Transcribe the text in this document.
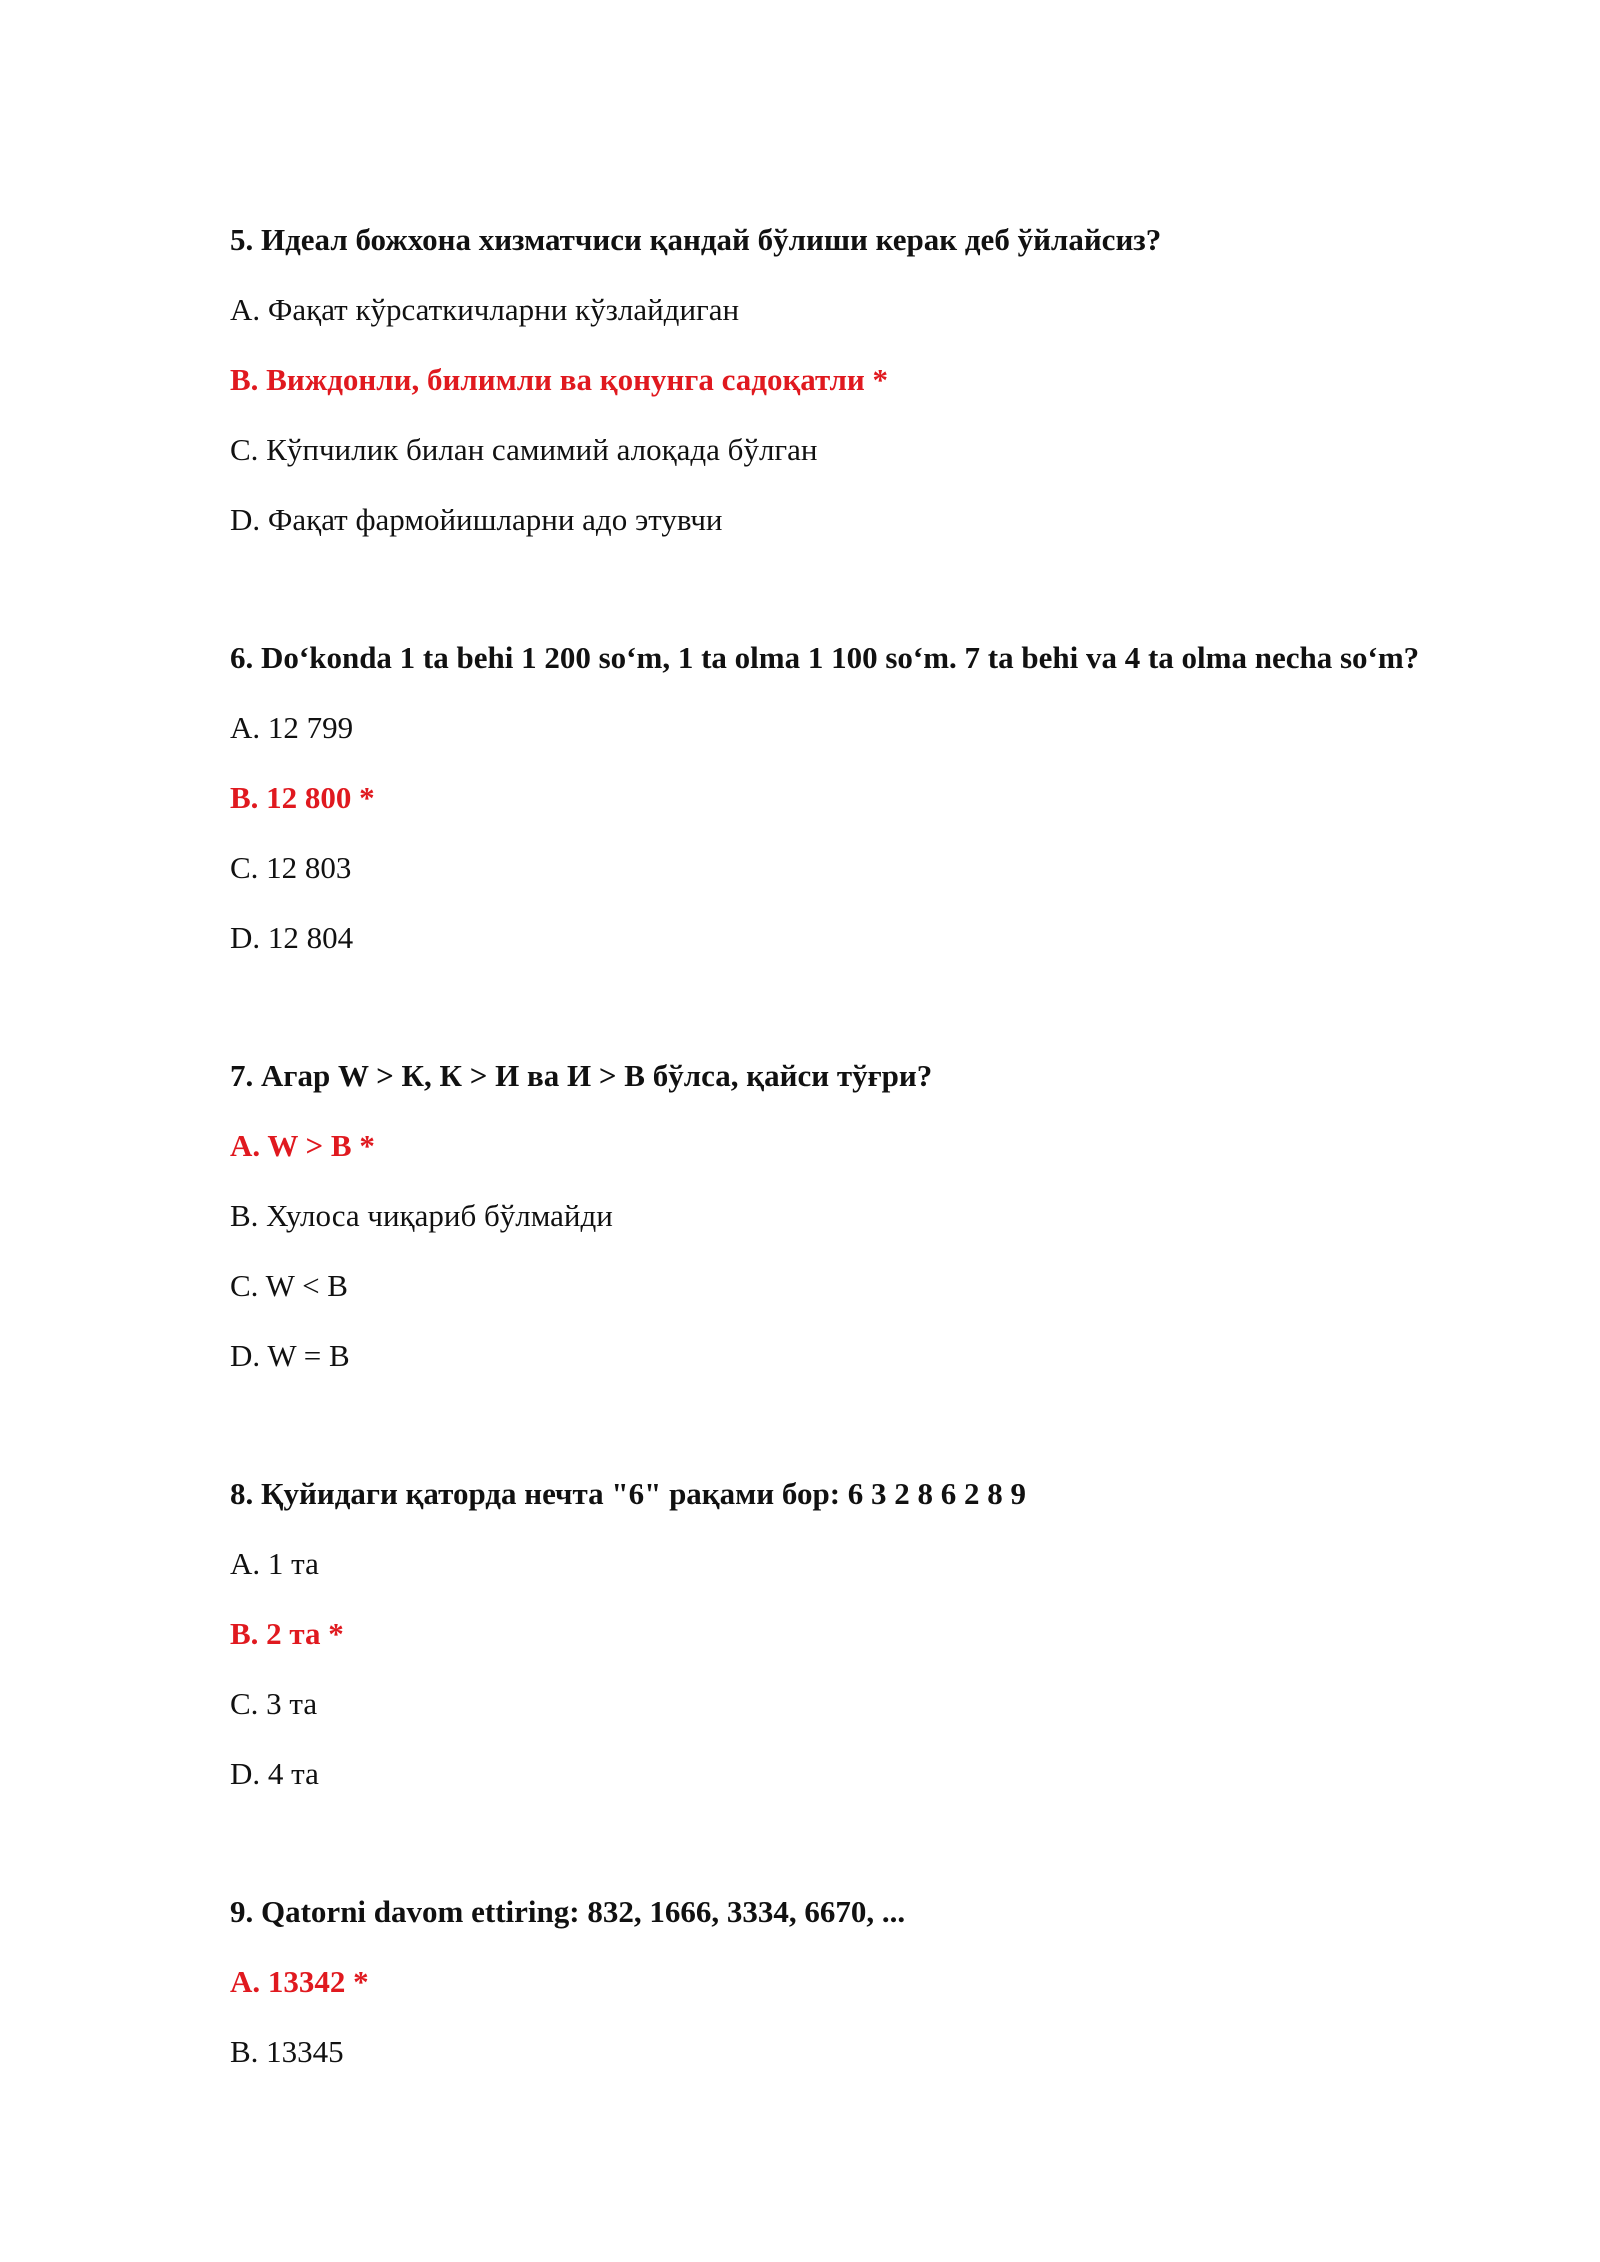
5. Идеал божхона хизматчиси қандай бўлиши керак деб ўйлайсиз?
A. Фақат кўрсаткичларни кўзлайдиган
B. Виждонли, билимли ва қонунга садоқатли *
C. Кўпчилик билан самимий алоқада бўлган
D. Фақат фармойишларни адо этувчи
6. Do‘konda 1 ta behi 1 200 so‘m, 1 ta olma 1 100 so‘m. 7 ta behi va 4 ta olma necha so‘m?
A. 12 799
B. 12 800 *
C. 12 803
D. 12 804
7. Агар W > К, К > И ва И > В бўлса, қайси тўғри?
A. W > В *
B. Хулоса чиқариб бўлмайди
C. W < В
D. W = В
8. Қуйидаги қаторда нечта "6" рақами бор: 6 3 2 8 6 2 8 9
A. 1 та
B. 2 та *
C. 3 та
D. 4 та
9. Qatorni davom ettiring: 832, 1666, 3334, 6670, ...
A. 13342 *
B. 13345
